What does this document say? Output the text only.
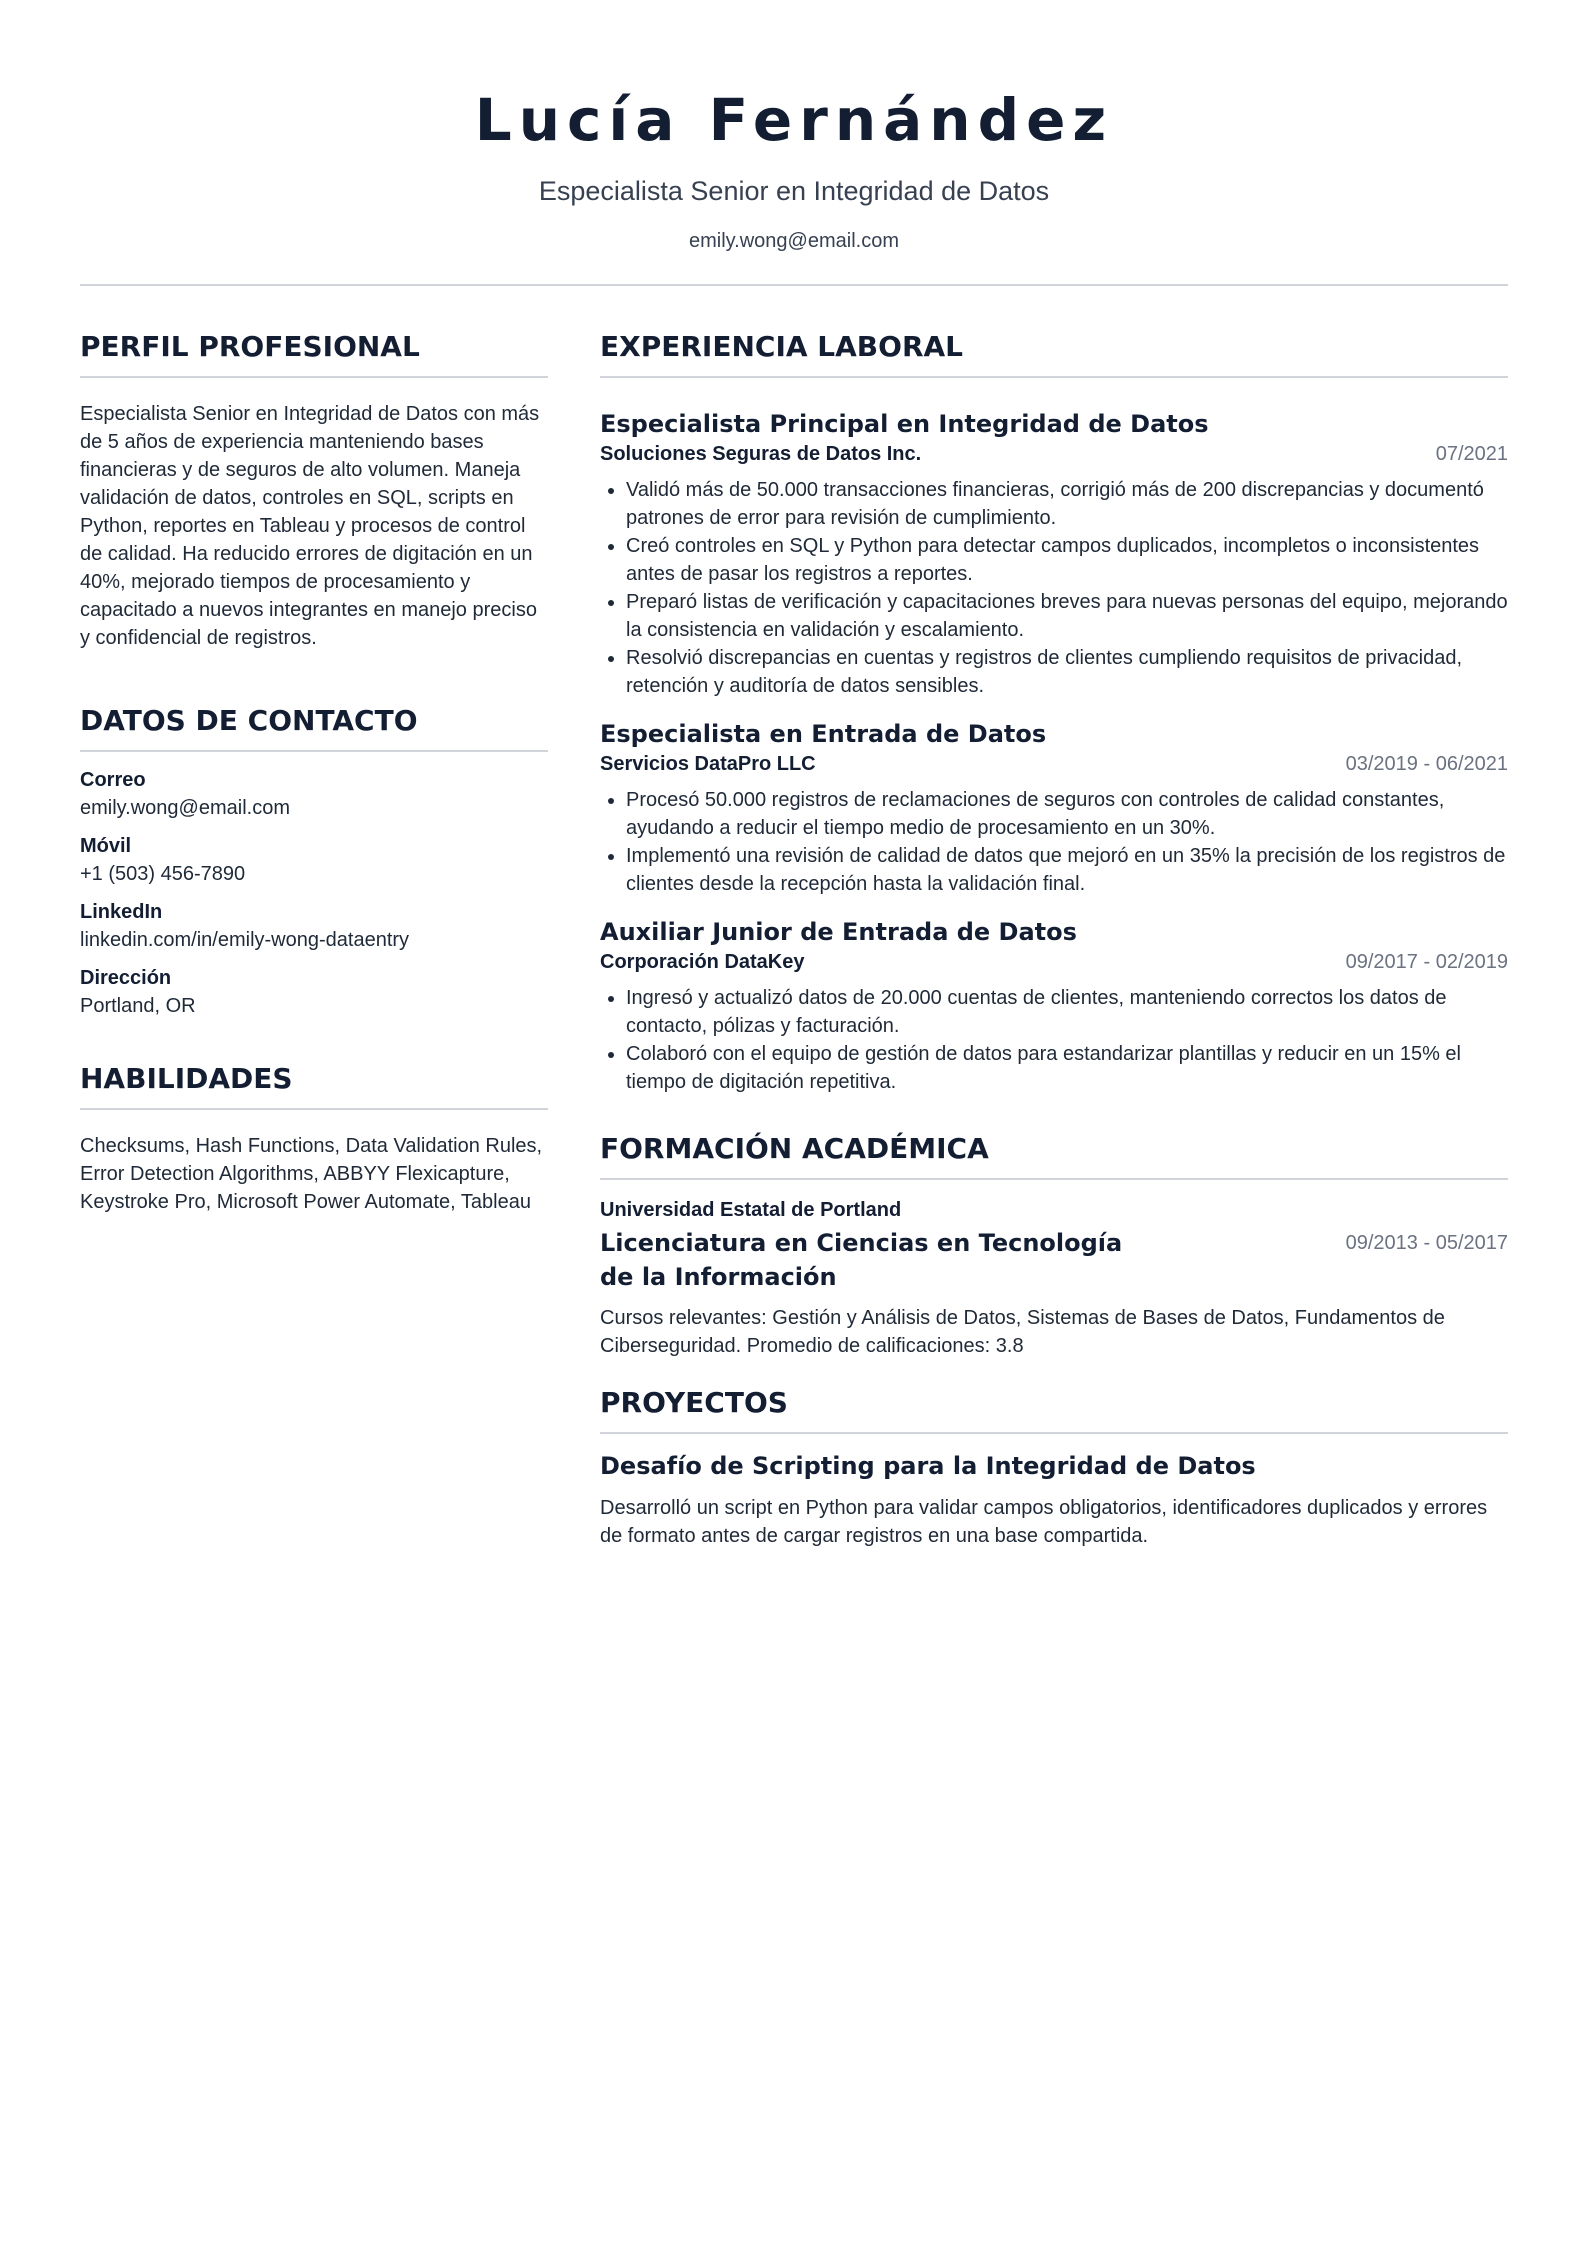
Lucía Fernández
Especialista Senior en Integridad de Datos
emily.wong@email.com
PERFIL PROFESIONAL

Especialista Senior en Integridad de Datos con más de 5 años de experiencia manteniendo bases financieras y de seguros de alto volumen. Maneja validación de datos, controles en SQL, scripts en Python, reportes en Tableau y procesos de control de calidad. Ha reducido errores de digitación en un 40%, mejorado tiempos de procesamiento y capacitado a nuevos integrantes en manejo preciso y confidencial de registros.

DATOS DE CONTACTO
Correo
emily.wong@email.com
Móvil
+1 (503) 456-7890
LinkedIn
linkedin.com/in/emily-wong-dataentry
Dirección
Portland, OR
HABILIDADES

Checksums, Hash Functions, Data Validation Rules, Error Detection Algorithms, ABBYY Flexicapture, Keystroke Pro, Microsoft Power Automate, Tableau

EXPERIENCIA LABORAL
Especialista Principal en Integridad de Datos
Soluciones Seguras de Datos Inc.	07/2021
Validó más de 50.000 transacciones financieras, corrigió más de 200 discrepancias y documentó patrones de error para revisión de cumplimiento.
Creó controles en SQL y Python para detectar campos duplicados, incompletos o inconsistentes antes de pasar los registros a reportes.
Preparó listas de verificación y capacitaciones breves para nuevas personas del equipo, mejorando la consistencia en validación y escalamiento.
Resolvió discrepancias en cuentas y registros de clientes cumpliendo requisitos de privacidad, retención y auditoría de datos sensibles.
Especialista en Entrada de Datos
Servicios DataPro LLC	03/2019 - 06/2021
Procesó 50.000 registros de reclamaciones de seguros con controles de calidad constantes, ayudando a reducir el tiempo medio de procesamiento en un 30%.
Implementó una revisión de calidad de datos que mejoró en un 35% la precisión de los registros de clientes desde la recepción hasta la validación final.
Auxiliar Junior de Entrada de Datos
Corporación DataKey	09/2017 - 02/2019
Ingresó y actualizó datos de 20.000 cuentas de clientes, manteniendo correctos los datos de contacto, pólizas y facturación.
Colaboró con el equipo de gestión de datos para estandarizar plantillas y reducir en un 15% el tiempo de digitación repetitiva.
FORMACIÓN ACADÉMICA
Universidad Estatal de Portland
Licenciatura en Ciencias en Tecnología de la Información
09/2013 - 05/2017
Cursos relevantes: Gestión y Análisis de Datos, Sistemas de Bases de Datos, Fundamentos de Ciberseguridad. Promedio de calificaciones: 3.8
PROYECTOS
Desafío de Scripting para la Integridad de Datos
Desarrolló un script en Python para validar campos obligatorios, identificadores duplicados y errores de formato antes de cargar registros en una base compartida.
